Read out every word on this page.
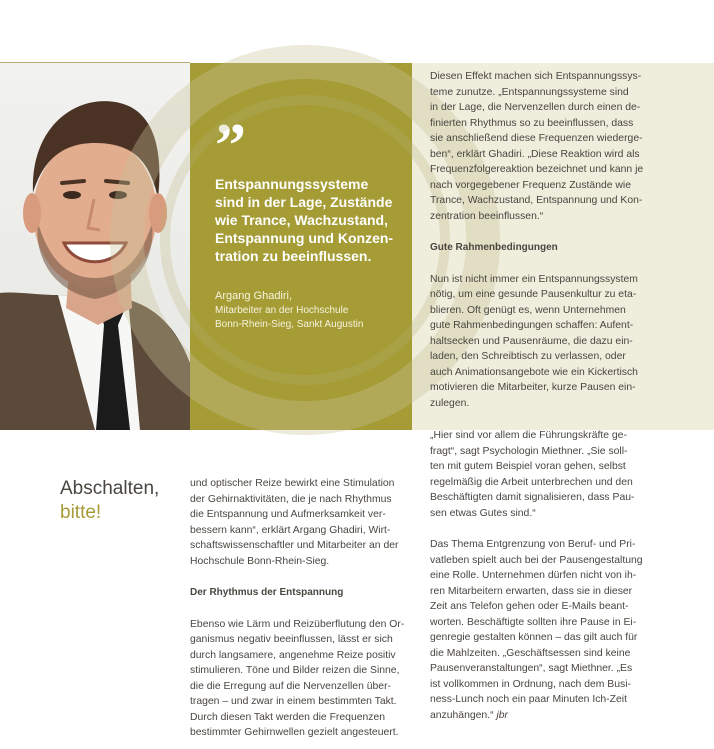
”

Entspannungssysteme

sind in der Lage, Zustände

wie Trance, Wachzustand,

Entspannung und Konzen-

tration zu beeinflussen.

Argang Ghadiri,

Mitarbeiter an der Hochschule

Bonn-Rhein-Sieg, Sankt Augustin

Diesen Effekt machen sich Entspannungssys-

teme zunutze. „Entspannungssysteme sind

in der Lage, die Nervenzellen durch einen de-

finierten Rhythmus so zu beeinflussen, dass

sie anschließend diese Frequenzen wiederge-

ben“, erklärt Ghadiri. „Diese Reaktion wird als

Frequenzfolgereaktion bezeichnet und kann je

nach vorgegebener Frequenz Zustände wie

Trance, Wachzustand, Entspannung und Kon-

zentration beeinflussen.“

Gute Rahmenbedingungen

Nun ist nicht immer ein Entspannungssystem

nötig, um eine gesunde Pausenkultur zu eta-

blieren. Oft genügt es, wenn Unternehmen

gute Rahmenbedingungen schaffen: Aufent-

haltsecken und Pausenräume, die dazu ein-

laden, den Schreibtisch zu verlassen, oder

auch Animationsangebote wie ein Kickertisch

motivieren die Mitarbeiter, kurze Pausen ein-

zulegen.

Abschalten,
bitte!

und optischer Reize bewirkt eine Stimulation

der Gehirnaktivitäten, die je nach Rhythmus

die Entspannung und Aufmerksamkeit ver-

bessern kann“, erklärt Argang Ghadiri, Wirt-

schaftswissenschaftler und Mitarbeiter an der

Hochschule Bonn-Rhein-Sieg.

Der Rhythmus der Entspannung

Ebenso wie Lärm und Reizüberflutung den Or-

ganismus negativ beeinflussen, lässt er sich

durch langsamere, angenehme Reize positiv

stimulieren. Töne und Bilder reizen die Sinne,

die die Erregung auf die Nervenzellen über-

tragen – und zwar in einem bestimmten Takt.

Durch diesen Takt werden die Frequenzen

bestimmter Gehirnwellen gezielt angesteuert.

„Hier sind vor allem die Führungskräfte ge-

fragt“, sagt Psychologin Miethner. „Sie soll-

ten mit gutem Beispiel voran gehen, selbst

regelmäßig die Arbeit unterbrechen und den

Beschäftigten damit signalisieren, dass Pau-

sen etwas Gutes sind.“

Das Thema Entgrenzung von Beruf- und Pri-

vatleben spielt auch bei der Pausengestaltung

eine Rolle. Unternehmen dürfen nicht von ih-

ren Mitarbeitern erwarten, dass sie in dieser

Zeit ans Telefon gehen oder E-Mails beant-

worten. Beschäftigte sollten ihre Pause in Ei-

genregie gestalten können – das gilt auch für

die Mahlzeiten. „Geschäftsessen sind keine

Pausenveranstaltungen“, sagt Miethner. „Es

ist vollkommen in Ordnung, nach dem Busi-

ness-Lunch noch ein paar Minuten Ich-Zeit

anzuhängen.“ jbr
